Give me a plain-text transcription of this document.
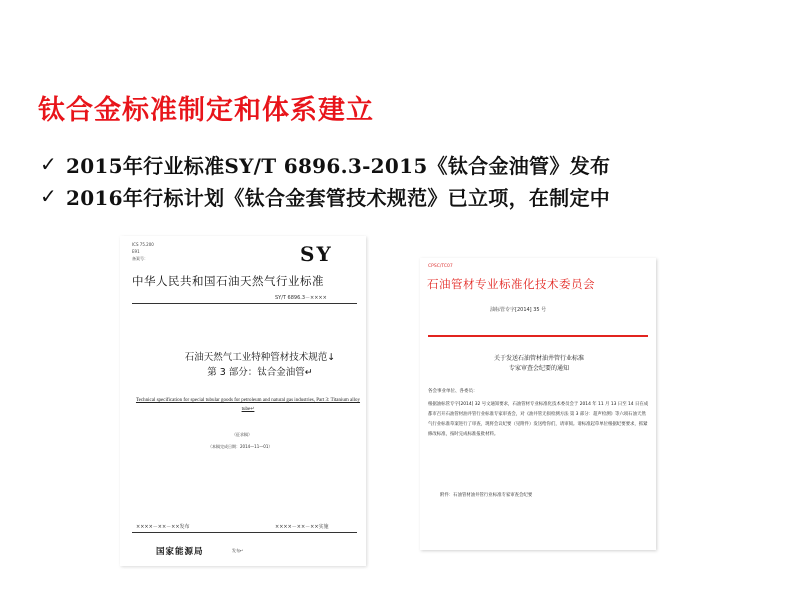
钛合金标准制定和体系建立
✓ 2015年行业标准SY/T 6896.3-2015《钛合金油管》发布
✓ 2016年行标计划《钛合金套管技术规范》已立项，在制定中
ICS 75.200
E91
备案号：	SY
中华人民共和国石油天然气行业标准
SY/T 6896.3－××××
石油天然气工业特种管材技术规范↓
第 3 部分：钛合金油管↵
Technical specification for special tubular goods for petroleum and natural gas industries, Part 3: Titanium alloy tube↵
（征求稿）
（本稿完成日期：2014—11—01）
××××－××－××发布	××××－××－××实施
国家能源局	发布↵
CPSC/TC07
石油管材专业标准化技术委员会
油标管专字[2014] 35 号
关于发送石油管材油井管行业标准
专家审查会纪要的通知
各会事业单位、各委员：
根据油标管专字[2014] 32 号文通知要求，石油管材专业标准化技术委员会于 2014 年 11 月 13 日至 14 日在成都市召开石油管材油井管行业标准专家审查会，对《油井管无损检测方法 第 3 部分：超声检测》等六项石油天然气行业标准草案进行了审查，现将会议纪要（见附件）发送给你们，请审阅。请标准起草单位根据纪要要求，抓紧修改标准，按时完成标准报批材料。
附件：石油管材油井管行业标准专家审查会纪要
